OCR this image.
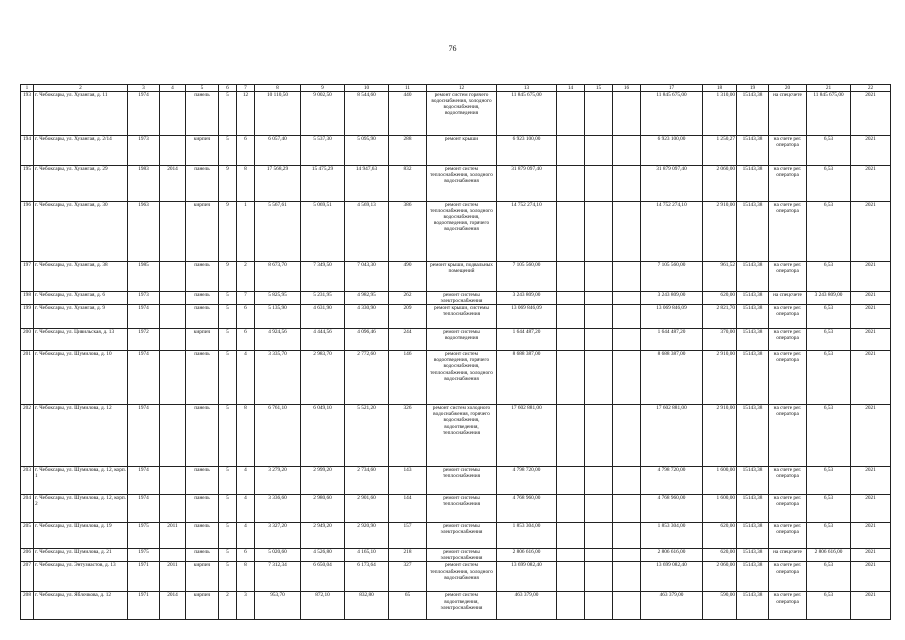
76
1	2	3	4	5	6	7	8	9	10	11	12	13	14	15	16	17	18	19	20	21	22
193	г. Чебоксары, ул. Хузангая, д. 11	1974		панель	5	12	10 110,50	9 002,50	8 544,60	440	ремонт систем горячего водоснабжения, холодного водоснабжения, водоотведения	11 845 675,00				11 845 675,00	1 310,00	15143,38	на спецсчете	11 845 675,00	2021
194	г. Чебоксары, ул. Хузангая, д. 2/14	1973		кирпич	5	6	6 057,40	5 537,30	5 095,90	288	ремонт крыши	6 923 100,00				6 923 100,00	1 250,27	15143,38	на счете рег. оператора	6,53	2021
195	г. Чебоксары, ул. Хузангая, д. 29	1983	2014	панель	9	8	17 568,29	15 475,29	14 947,63	832	ремонт систем теплоснабжения, холодного водоснабжения	31 879 097,40				31 879 097,40	2 060,00	15143,38	на счете рег. оператора	6,53	2021
196	г. Чебоксары, ул. Хузангая, д. 30	1963		кирпич	9	1	5 567,61	5 069,51	4 569,13	386	ремонт систем теплоснабжения, холодного водоснабжения, водоотведения, горячего водоснабжения	14 752 274,10				14 752 274,10	2 910,00	15143,38	на счете рег. оператора	6,53	2021
197	г. Чебоксары, ул. Хузангая, д. 38	1985		панель	9	2	8 673,70	7 349,50	7 043,30	490	ремонт крыши, подвальных помещений	7 105 560,00				7 105 560,00	961,52	15143,38	на счете рег. оператора	6,53	2021
198	г. Чебоксары, ул. Хузангая, д. 6	1973		панель	5	7	5 825,95	5 231,95	4 982,95	262	ремонт системы электроснабжения	3 243 809,00				3 243 809,00	620,00	15143,38	на спецсчете	3 243 809,00	2021
199	г. Чебоксары, ул. Хузангая, д. 9	1974		панель	5	6	5 135,90	4 631,90	4 330,90	209	ремонт крыши, системы теплоснабжения	13 069 846,09				13 069 846,09	2 821,70	15143,38	на счете рег. оператора	6,53	2021
200	г. Чебоксары, ул. Цивильская, д. 13	1972		кирпич	5	6	4 924,56	4 444,56	4 096,46	244	ремонт системы водоотведения	1 644 487,20				1 644 487,20	370,00	15143,38	на счете рег. оператора	6,53	2021
201	г. Чебоксары, ул. Шумилова, д. 10	1974		панель	5	4	3 335,70	2 983,70	2 772,60	146	ремонт систем водоотведения, горячего водоснабжения, теплоснабжения, холодного водоснабжения	8 688 387,00				8 688 387,00	2 910,00	15143,38	на счете рег. оператора	6,53	2021
202	г. Чебоксары, ул. Шумилова, д. 12	1974		панель	5	8	6 761,10	6 049,10	5 521,20	326	ремонт систем холодного водоснабжения, горячего водоснабжения, водоотведения, теплоснабжения	17 602 881,00				17 602 881,00	2 910,00	15143,38	на счете рег. оператора	6,53	2021
203	г. Чебоксары, ул. Шумилова, д. 12, корп. 1	1974		панель	5	4	3 279,20	2 999,20	2 734,60	143	ремонт системы теплоснабжения	4 798 720,00				4 798 720,00	1 600,00	15143,38	на счете рег. оператора	6,53	2021
204	г. Чебоксары, ул. Шумилова, д. 12, корп. 2	1974		панель	5	4	3 336,60	2 980,60	2 901,60	144	ремонт системы теплоснабжения	4 768 960,00				4 768 960,00	1 600,00	15143,38	на счете рег. оператора	6,53	2021
205	г. Чебоксары, ул. Шумилова, д. 19	1975	2011	панель	5	4	3 327,20	2 949,20	2 920,90	157	ремонт системы электроснабжения	1 853 304,00				1 853 304,00	620,00	15143,38	на счете рег. оператора	6,53	2021
206	г. Чебоксары, ул. Шумилова, д. 21	1975		панель	5	6	5 020,60	4 526,80	4 165,10	218	ремонт системы электроснабжения	2 806 616,00				2 806 616,00	620,00	15143,38	на спецсчете	2 806 616,00	2021
207	г. Чебоксары, ул. Энтузиастов, д. 13	1971	2011	кирпич	5	8	7 312,34	6 650,04	6 173,64	327	ремонт систем теплоснабжения, холодного водоснабжения	13 699 082,40				13 699 082,40	2 060,00	15143,38	на счете рег. оператора	6,53	2021
208	г. Чебоксары, ул. Яблочкова, д. 12	1971	2014	кирпич	2	3	953,70	872,10	832,80	65	ремонт систем водоотведения, электроснабжения	463 379,00				463 379,00	590,00	15143,38	на счете рег. оператора	6,53	2021
